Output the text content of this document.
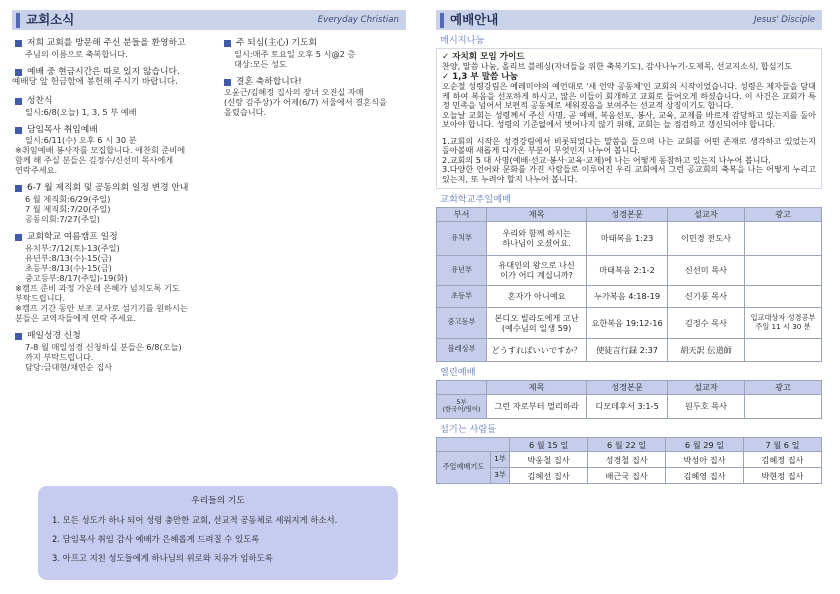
교회소식	Everyday Christian
저희 교회를 방문해 주신 분들을 환영하고
주님의 이름으로 축복합니다.
예배 중 현금시간은 따로 있지 않습니다.
예배당 앞 헌금함에 봉헌해 주시기 바랍니다.
성찬식
일시:6/8(오늘) 1, 3, 5 부 예배
담임목사 취임예배
일시:6/11(수) 오후 6 시 30 분
※취임예배 봉사자를 모집합니다. 애찬회 준비에
함께 해 주실 분들은 김정수/신선미 목사에게
연락주세요.
6-7 월 제직회 및 공동의회 일정 변경 안내
6 월 제직회:6/29(주일)
7 월 제직회:7/20(주일)
공동의회:7/27(주일)
교회학교 여름캠프 일정
유치부:7/12(토)-13(주일)
유년부:8/13(수)-15(금)
초등부:8/13(수)-15(금)
중고등부:8/17(주일)-19(화)
※캠프 준비 과정 가운데 은혜가 넘치도록 기도
부탁드립니다.
※캠프 기간 동안 보조 교사로 섬기기를 원하시는
분들은 교역자들에게 연락 주세요.
매일성경 신청
7-8 월 매일성경 신청하실 분들은 6/8(오늘)
까지 부탁드립니다.
담당:금대현/채연순 집사
주 되심(主心) 기도회
일시:매주 토요일 오후 5 시@2 층
대상:모든 성도
결혼 축하합니다!
오윤근/김혜정 집사의 장녀 오진실 자매
(신랑 김주상)가 어제(6/7) 서울에서 결혼식을
올렸습니다.
우리들의 기도
1. 모든 성도가 하나 되어 성령 충만한 교회, 선교적 공동체로 세워지게 하소서.
2. 담임목사 취임 감사 예배가 은혜롭게 드려질 수 있도록
3. 아프고 지친 성도들에게 하나님의 위로와 치유가 임하도록
예배안내	Jesus' Disciple
메시지나눔
✓ 자치회 모임 가이드

찬양, 말씀 나눔, 올리브 블레싱(자녀들을 위한 축복기도), 감사나누기-도제목, 선교지소식, 합심기도

✓ 1,3 부 말씀 나눔

오순절 성령강림은 예레미야의 예언대로 '새 언약 공동체'인 교회의 시작이었습니다. 성령은 제자들을 담대케 하여 복음을 선포하게 하시고, 많은 이들이 회개하고 교회로 들어오게 하셨습니다. 이 사건은 교회가 특정 민족을 넘어서 보편적 공동체로 세워졌음을 보여주는 선교적 상징이기도 합니다.

오늘날 교회는 성령께서 주신 사명, 곧 예배, 복음선포, 봉사, 교육, 교제를 바르게 감당하고 있는지를 돌아보아야 합니다. 성령의 기준없에서 벗어나지 않기 위해, 교회는 늘 점검하고 갱신되어야 합니다.

1.교회의 시작은 성경강림에서 비롯되었다는 말씀을 들으며 나는 교회를 어떤 존재로 생각하고 있었는지 돌아볼때 새롭게 다가온 부분이 무엇인지 나누어 봅니다.

2.교회의 5 대 사명(예배·선교·봉사·교육·교제)에 나는 어떻게 동참하고 있는지 나누어 봅니다.

3.다양한 언어와 문화를 가진 사람들로 이루어진 우리 교회에서 그런 공교회의 축복을 나는 어떻게 누리고 있는지, 또 누려야 할지 나누어 봅니다.

교회학교주일예배
부서	제목	성경본문	설교자	광고
유치부	우리와 함께 하시는
하나님이 오셨어요.	마태복음 1:23	이민경 전도사	
유년부	유대인의 왕으로 나신
이가 어디 계십니까?	마태복음 2:1-2	신선미 목사	
초등부	혼자가 아니예요	누가복음 4:18-19	신기풍 목사	
중고등부	본디오 빌라도에게 고난
(예수님의 일생 59)	요한복음 19:12-16	김정수 목사	입교대상자 성경공부
주일 11 시 30 분
블레싱부	どうすればいいですか？	使徒言行録 2:37	胡天訳 伝道師	
열린예배
	제목	성경본문	설교자	광고
5부
(한국어/영어)	그런 자로부터 멀리하라	디모데후서 3:1-5	원두호 목사	
섬기는 사람들
		6 월 15 일	6 월 22 일	6 월 29 일	7 월 6 일
주일예배기도	1부	박웅철 집사	성경철 집사	박성아 집사	김혜정 집사
	3부	김혜선 집사	배근국 집사	김혜영 집사	박현정 집사
